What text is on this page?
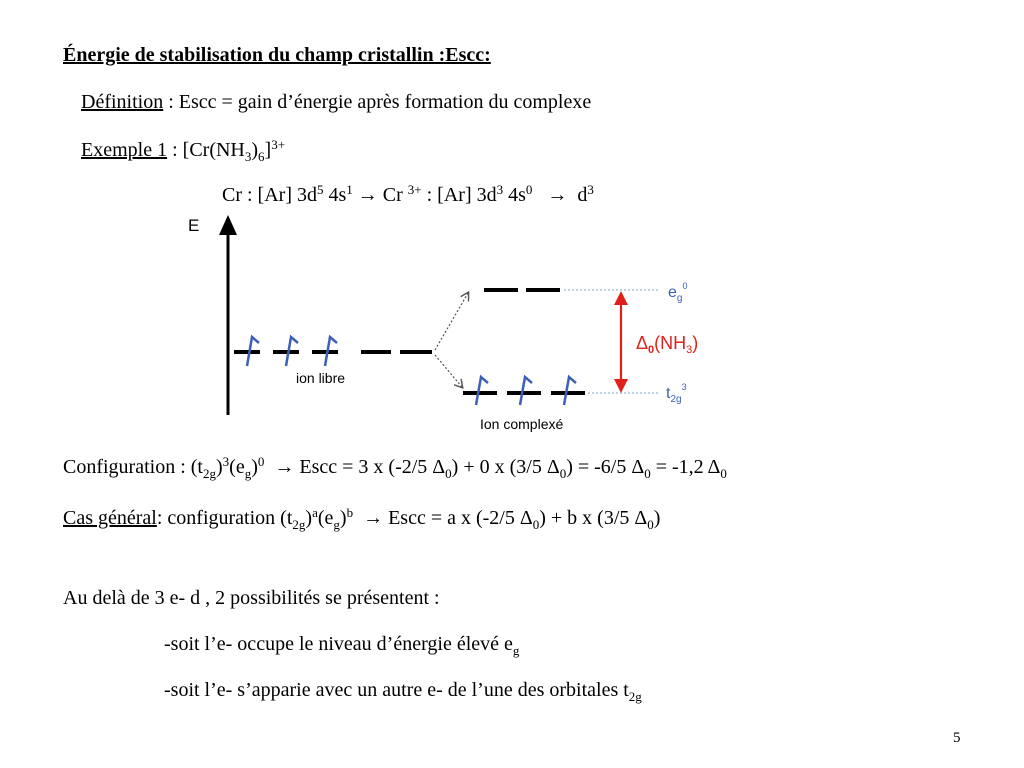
Énergie de stabilisation du champ cristallin :Escc:
Définition : Escc = gain d’énergie après formation du complexe
Exemple 1 : $[Cr(NH_3)_6]^{3+}$
Cr : [Ar] $3d^5$ $4s^1 \to Cr$ $^{3+}$ : [Ar] $3d^3$ $4s^0 \to d^3$
E
ion libre
$e_g^0$
$t_{2g}^3$
Ion complexé
$\Delta_0(NH_3)$
Configuration : $(t_{2g})^3(e_g)^0$ → Escc = 3 x (-2/5 $\Delta_0) + 0$ x (3/5 $\Delta_0) = -6/5$ $\Delta_0 = -1,2$ $\Delta_0$
Cas général: configuration $(t_{2g})^a(e_g)^b$ → Escc = a x (-2/5 $\Delta_0) + b$ x (3/5 $\Delta_0$)
Au delà de 3 e- d , 2 possibilités se présentent :
-soit l’e- occupe le niveau d’énergie élevé $e_g$
-soit l’e- s’apparie avec un autre e- de l’une des orbitales $t_{2g}$
5
